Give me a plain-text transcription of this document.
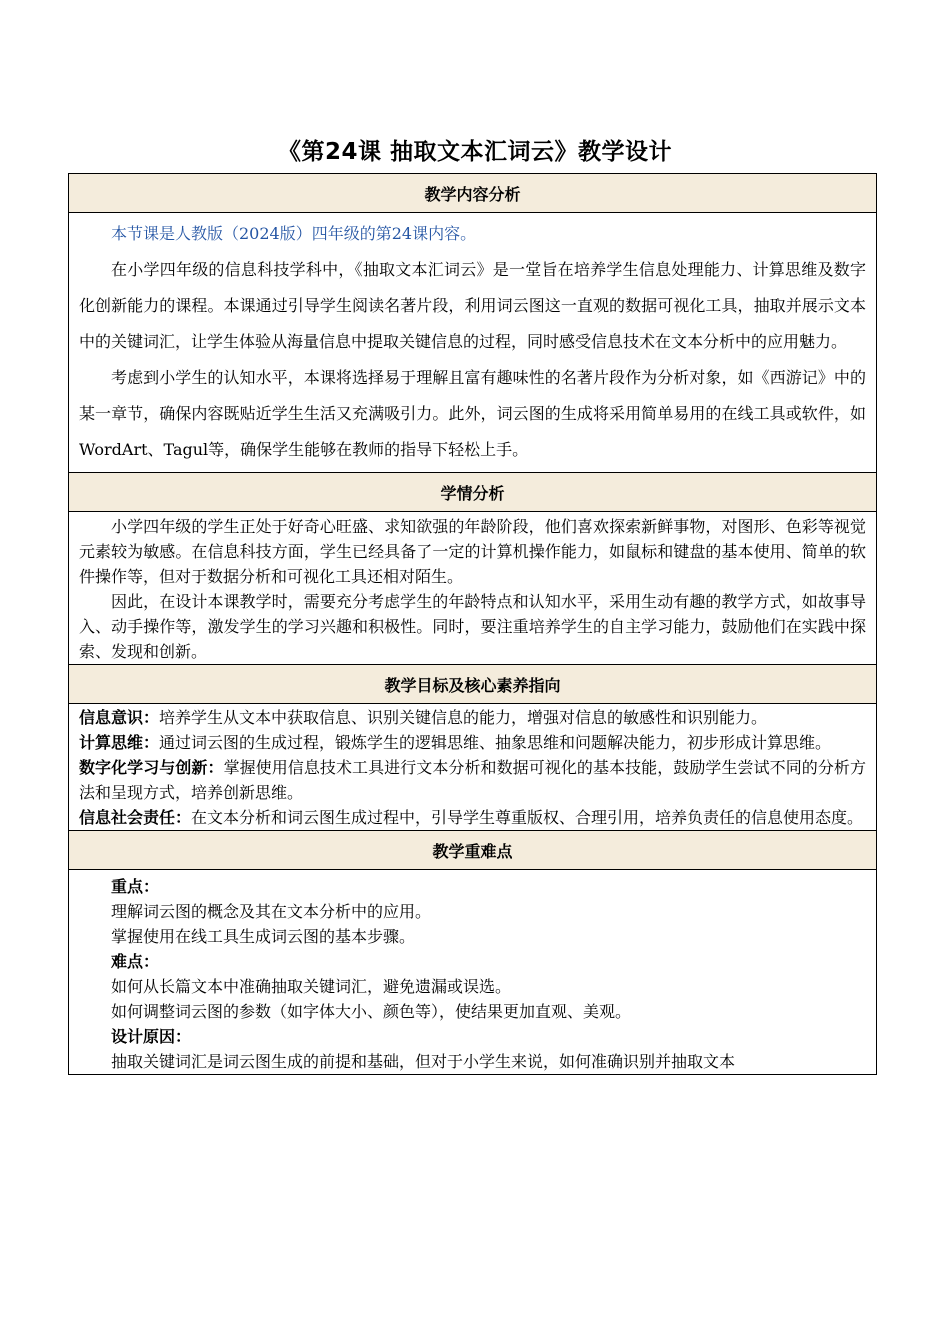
《第24课 抽取文本汇词云》教学设计
教学内容分析

本节课是人教版（2024版）四年级的第24课内容。

在小学四年级的信息科技学科中，《抽取文本汇词云》是一堂旨在培养学生信息处理能力、计算思维及数字化创新能力的课程。本课通过引导学生阅读名著片段，利用词云图这一直观的数据可视化工具，抽取并展示文本中的关键词汇，让学生体验从海量信息中提取关键信息的过程，同时感受信息技术在文本分析中的应用魅力。

考虑到小学生的认知水平，本课将选择易于理解且富有趣味性的名著片段作为分析对象，如《西游记》中的某一章节，确保内容既贴近学生生活又充满吸引力。此外，词云图的生成将采用简单易用的在线工具或软件，如WordArt、Tagul等，确保学生能够在教师的指导下轻松上手。

学情分析

小学四年级的学生正处于好奇心旺盛、求知欲强的年龄阶段，他们喜欢探索新鲜事物，对图形、色彩等视觉元素较为敏感。在信息科技方面，学生已经具备了一定的计算机操作能力，如鼠标和键盘的基本使用、简单的软件操作等，但对于数据分析和可视化工具还相对陌生。

因此，在设计本课教学时，需要充分考虑学生的年龄特点和认知水平，采用生动有趣的教学方式，如故事导入、动手操作等，激发学生的学习兴趣和积极性。同时，要注重培养学生的自主学习能力，鼓励他们在实践中探索、发现和创新。

教学目标及核心素养指向

信息意识：培养学生从文本中获取信息、识别关键信息的能力，增强对信息的敏感性和识别能力。

计算思维：通过词云图的生成过程，锻炼学生的逻辑思维、抽象思维和问题解决能力，初步形成计算思维。

数字化学习与创新：掌握使用信息技术工具进行文本分析和数据可视化的基本技能，鼓励学生尝试不同的分析方法和呈现方式，培养创新思维。

信息社会责任：在文本分析和词云图生成过程中，引导学生尊重版权、合理引用，培养负责任的信息使用态度。

教学重难点

重点：

理解词云图的概念及其在文本分析中的应用。

掌握使用在线工具生成词云图的基本步骤。

难点：

如何从长篇文本中准确抽取关键词汇，避免遗漏或误选。

如何调整词云图的参数（如字体大小、颜色等），使结果更加直观、美观。

设计原因：

抽取关键词汇是词云图生成的前提和基础，但对于小学生来说，如何准确识别并抽取文本
